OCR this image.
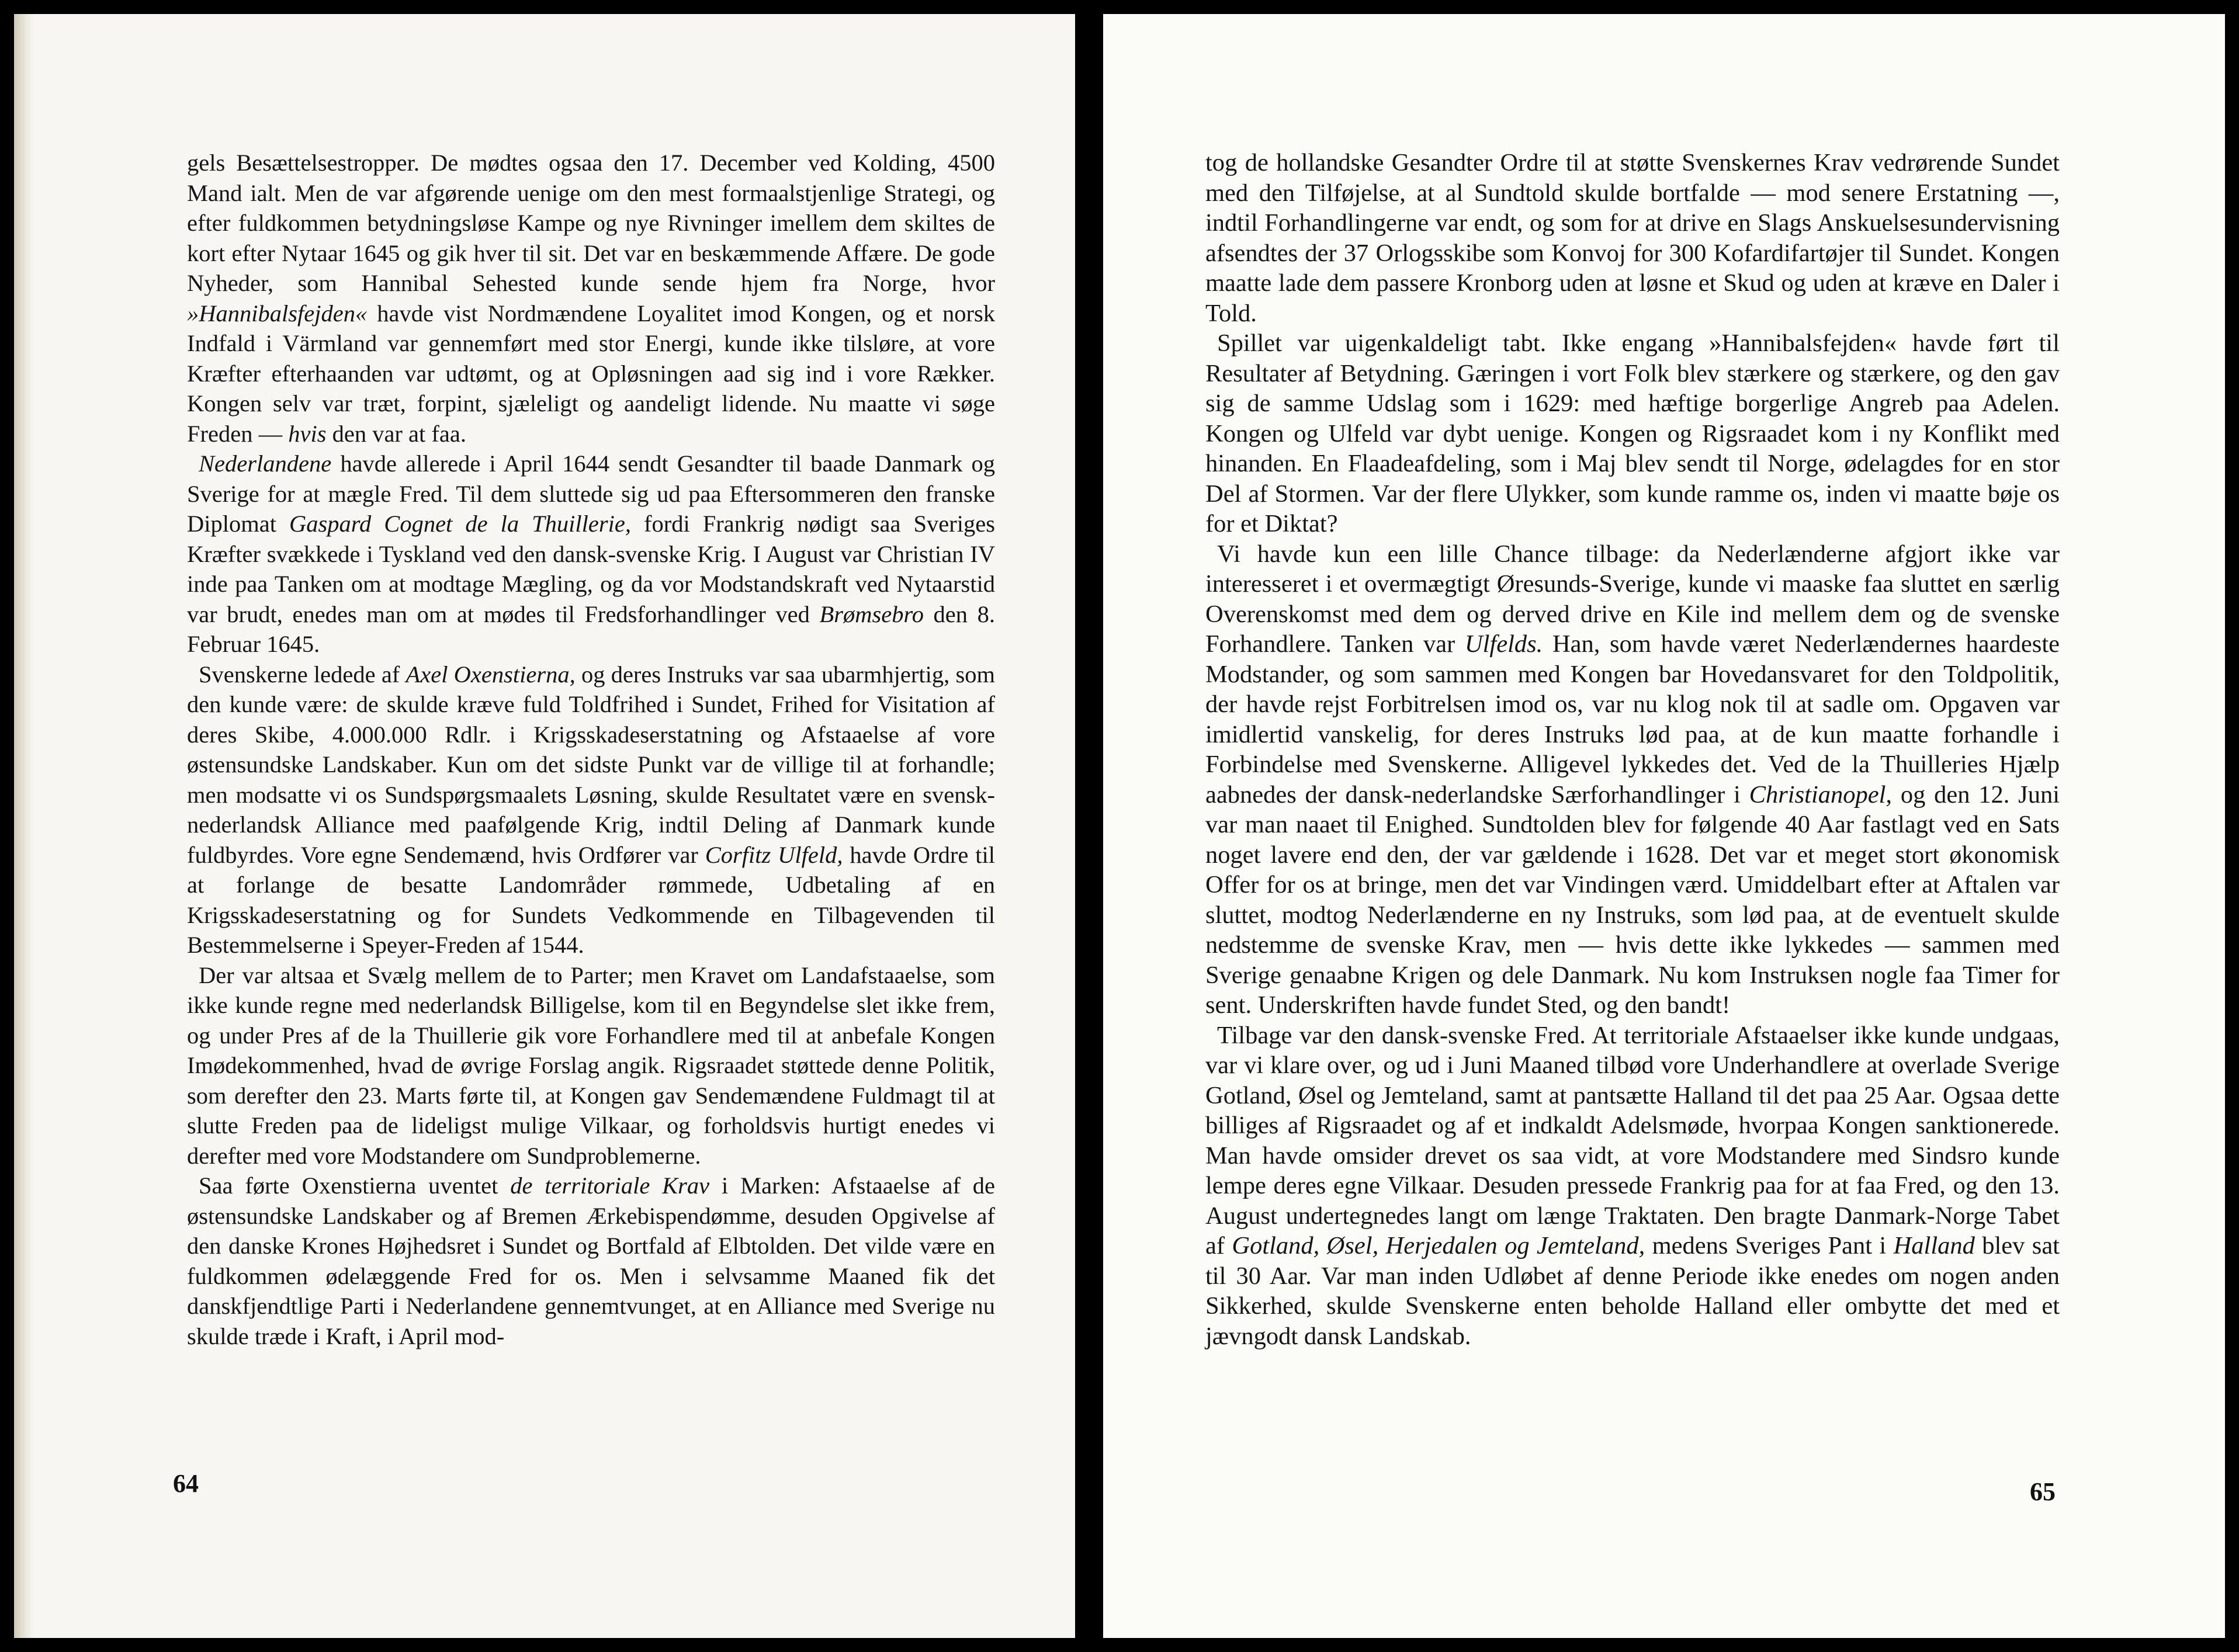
gels Besættelsestropper. De mødtes ogsaa den 17. December ved Kolding, 4500 Mand ialt. Men de var afgørende uenige om den mest formaalstjenlige Strategi, og efter fuldkommen betydningsløse Kampe og nye Rivninger imellem dem skiltes de kort efter Nytaar 1645 og gik hver til sit. Det var en beskæmmende Affære. De gode Nyheder, som Hannibal Sehested kunde sende hjem fra Norge, hvor »Hannibalsfejden« havde vist Nordmændene Loyalitet imod Kongen, og et norsk Indfald i Värmland var gennemført med stor Energi, kunde ikke tilsløre, at vore Kræfter efterhaanden var udtømt, og at Opløsningen aad sig ind i vore Rækker. Kongen selv var træt, forpint, sjæleligt og aandeligt lidende. Nu maatte vi søge Freden — hvis den var at faa.

Nederlandene havde allerede i April 1644 sendt Gesandter til baade Danmark og Sverige for at mægle Fred. Til dem sluttede sig ud paa Eftersommeren den franske Diplomat Gaspard Cognet de la Thuillerie, fordi Frankrig nødigt saa Sveriges Kræfter svækkede i Tyskland ved den dansk-svenske Krig. I August var Christian IV inde paa Tanken om at modtage Mægling, og da vor Modstandskraft ved Nytaarstid var brudt, enedes man om at mødes til Fredsforhandlinger ved Brømsebro den 8. Februar 1645.

Svenskerne ledede af Axel Oxenstierna, og deres Instruks var saa ubarmhjertig, som den kunde være: de skulde kræve fuld Toldfrihed i Sundet, Frihed for Visitation af deres Skibe, 4.000.000 Rdlr. i Krigsskadeserstatning og Afstaaelse af vore østensundske Landskaber. Kun om det sidste Punkt var de villige til at forhandle; men modsatte vi os Sundspørgsmaalets Løsning, skulde Resultatet være en svensk-nederlandsk Alliance med paafølgende Krig, indtil Deling af Danmark kunde fuldbyrdes. Vore egne Sendemænd, hvis Ordfører var Corfitz Ulfeld, havde Ordre til at forlange de besatte Landområder rømmede, Udbetaling af en Krigsskadeserstatning og for Sundets Vedkommende en Tilbagevenden til Bestemmelserne i Speyer-Freden af 1544.

Der var altsaa et Svælg mellem de to Parter; men Kravet om Landafstaaelse, som ikke kunde regne med nederlandsk Billigelse, kom til en Begyndelse slet ikke frem, og under Pres af de la Thuillerie gik vore Forhandlere med til at anbefale Kongen Imødekommenhed, hvad de øvrige Forslag angik. Rigsraadet støttede denne Politik, som derefter den 23. Marts førte til, at Kongen gav Sendemændene Fuldmagt til at slutte Freden paa de lideligst mulige Vilkaar, og forholdsvis hurtigt enedes vi derefter med vore Modstandere om Sundproblemerne.

Saa førte Oxenstierna uventet de territoriale Krav i Marken: Afstaaelse af de østensundske Landskaber og af Bremen Ærkebispendømme, desuden Opgivelse af den danske Krones Højhedsret i Sundet og Bortfald af Elbtolden. Det vilde være en fuldkommen ødelæggende Fred for os. Men i selvsamme Maaned fik det danskfjendtlige Parti i Nederlandene gennemtvunget, at en Alliance med Sverige nu skulde træde i Kraft, i April mod-

64

tog de hollandske Gesandter Ordre til at støtte Svenskernes Krav vedrørende Sundet med den Tilføjelse, at al Sundtold skulde bortfalde — mod senere Erstatning —, indtil Forhandlingerne var endt, og som for at drive en Slags Anskuelsesundervisning afsendtes der 37 Orlogsskibe som Konvoj for 300 Kofardifartøjer til Sundet. Kongen maatte lade dem passere Kronborg uden at løsne et Skud og uden at kræve en Daler i Told.

Spillet var uigenkaldeligt tabt. Ikke engang »Hannibalsfejden« havde ført til Resultater af Betydning. Gæringen i vort Folk blev stærkere og stærkere, og den gav sig de samme Udslag som i 1629: med hæftige borgerlige Angreb paa Adelen. Kongen og Ulfeld var dybt uenige. Kongen og Rigsraadet kom i ny Konflikt med hinanden. En Flaadeafdeling, som i Maj blev sendt til Norge, ødelagdes for en stor Del af Stormen. Var der flere Ulykker, som kunde ramme os, inden vi maatte bøje os for et Diktat?

Vi havde kun een lille Chance tilbage: da Nederlænderne afgjort ikke var interesseret i et overmægtigt Øresunds-Sverige, kunde vi maaske faa sluttet en særlig Overenskomst med dem og derved drive en Kile ind mellem dem og de svenske Forhandlere. Tanken var Ulfelds. Han, som havde været Nederlændernes haardeste Modstander, og som sammen med Kongen bar Hovedansvaret for den Toldpolitik, der havde rejst Forbitrelsen imod os, var nu klog nok til at sadle om. Opgaven var imidlertid vanskelig, for deres Instruks lød paa, at de kun maatte forhandle i Forbindelse med Svenskerne. Alligevel lykkedes det. Ved de la Thuilleries Hjælp aabnedes der dansk-nederlandske Særforhandlinger i Christianopel, og den 12. Juni var man naaet til Enighed. Sundtolden blev for følgende 40 Aar fastlagt ved en Sats noget lavere end den, der var gældende i 1628. Det var et meget stort økonomisk Offer for os at bringe, men det var Vindingen værd. Umiddelbart efter at Aftalen var sluttet, modtog Nederlænderne en ny Instruks, som lød paa, at de eventuelt skulde nedstemme de svenske Krav, men — hvis dette ikke lykkedes — sammen med Sverige genaabne Krigen og dele Danmark. Nu kom Instruksen nogle faa Timer for sent. Underskriften havde fundet Sted, og den bandt!

Tilbage var den dansk-svenske Fred. At territoriale Afstaaelser ikke kunde undgaas, var vi klare over, og ud i Juni Maaned tilbød vore Underhandlere at overlade Sverige Gotland, Øsel og Jemteland, samt at pantsætte Halland til det paa 25 Aar. Ogsaa dette billiges af Rigsraadet og af et indkaldt Adelsmøde, hvorpaa Kongen sanktionerede. Man havde omsider drevet os saa vidt, at vore Modstandere med Sindsro kunde lempe deres egne Vilkaar. Desuden pressede Frankrig paa for at faa Fred, og den 13. August undertegnedes langt om længe Traktaten. Den bragte Danmark-Norge Tabet af Gotland, Øsel, Herjedalen og Jemteland, medens Sveriges Pant i Halland blev sat til 30 Aar. Var man inden Udløbet af denne Periode ikke enedes om nogen anden Sikkerhed, skulde Svenskerne enten beholde Halland eller ombytte det med et jævngodt dansk Landskab.

65
